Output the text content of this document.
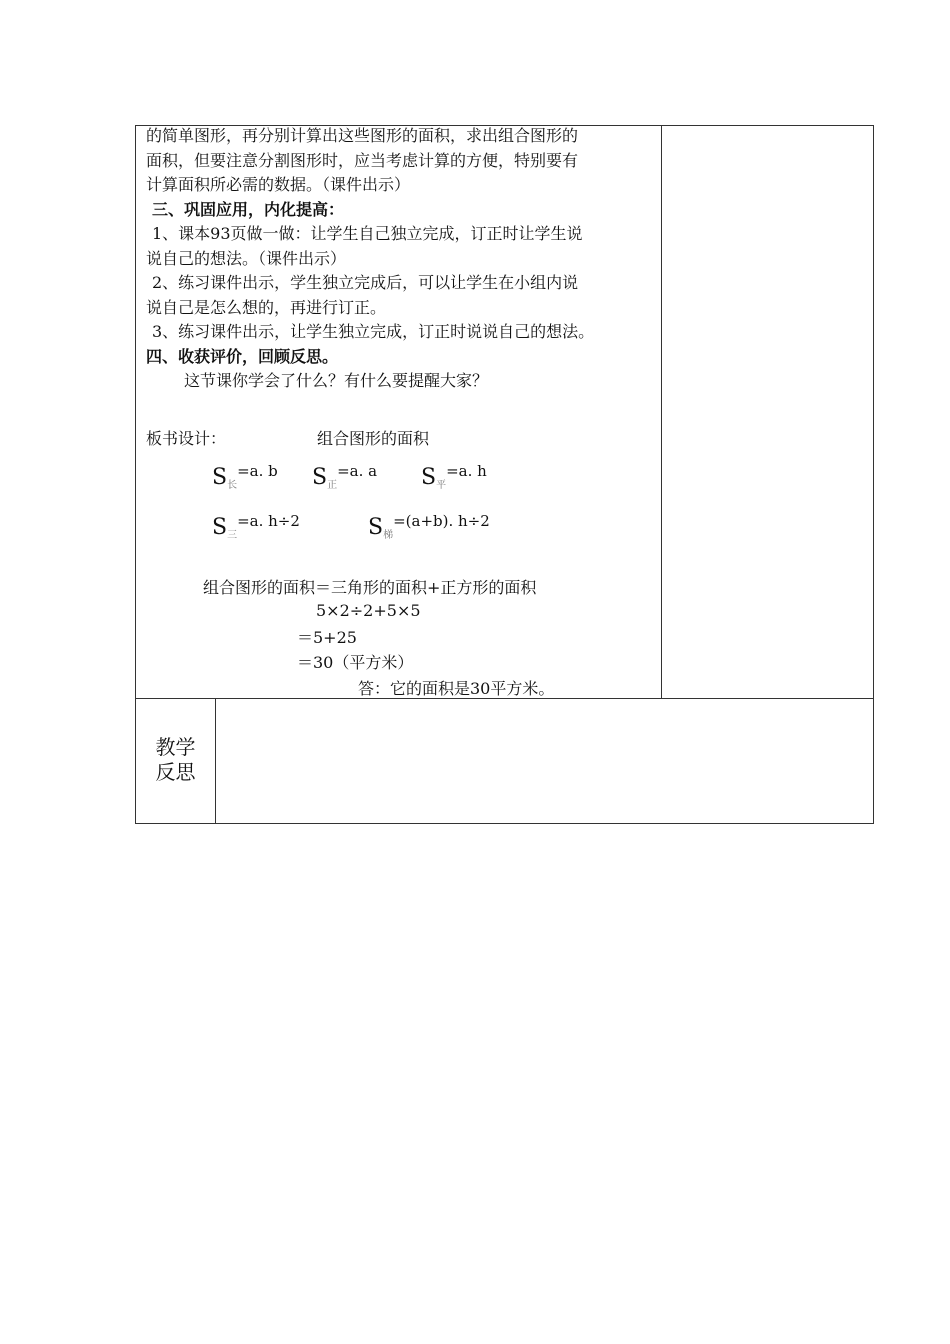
的简单图形，再分别计算出这些图形的面积，求出组合图形的

面积，但要注意分割图形时，应当考虑计算的方便，特别要有

计算面积所必需的数据。（课件出示）

三、巩固应用，内化提高：

1、课本93页做一做：让学生自己独立完成，订正时让学生说

说自己的想法。（课件出示）

2、练习课件出示，学生独立完成后，可以让学生在小组内说

说自己是怎么想的，再进行订正。

3、练习课件出示，让学生独立完成，订正时说说自己的想法。

四、收获评价，回顾反思。

这节课你学会了什么？有什么要提醒大家？

板书设计：	组合图形的面积
$S_长^{=a. b}$ $S_正^{=a. a}$ $S_平^{=a. h}$
$S_三^{=a. h\div 2}$	$S_梯^{=(a+b). h\div 2}$
组合图形的面积＝三角形的面积+正方形的面积
5×2÷2+5×5
＝5+25
＝30（平方米）
答：它的面积是30平方米。
教学
反思
